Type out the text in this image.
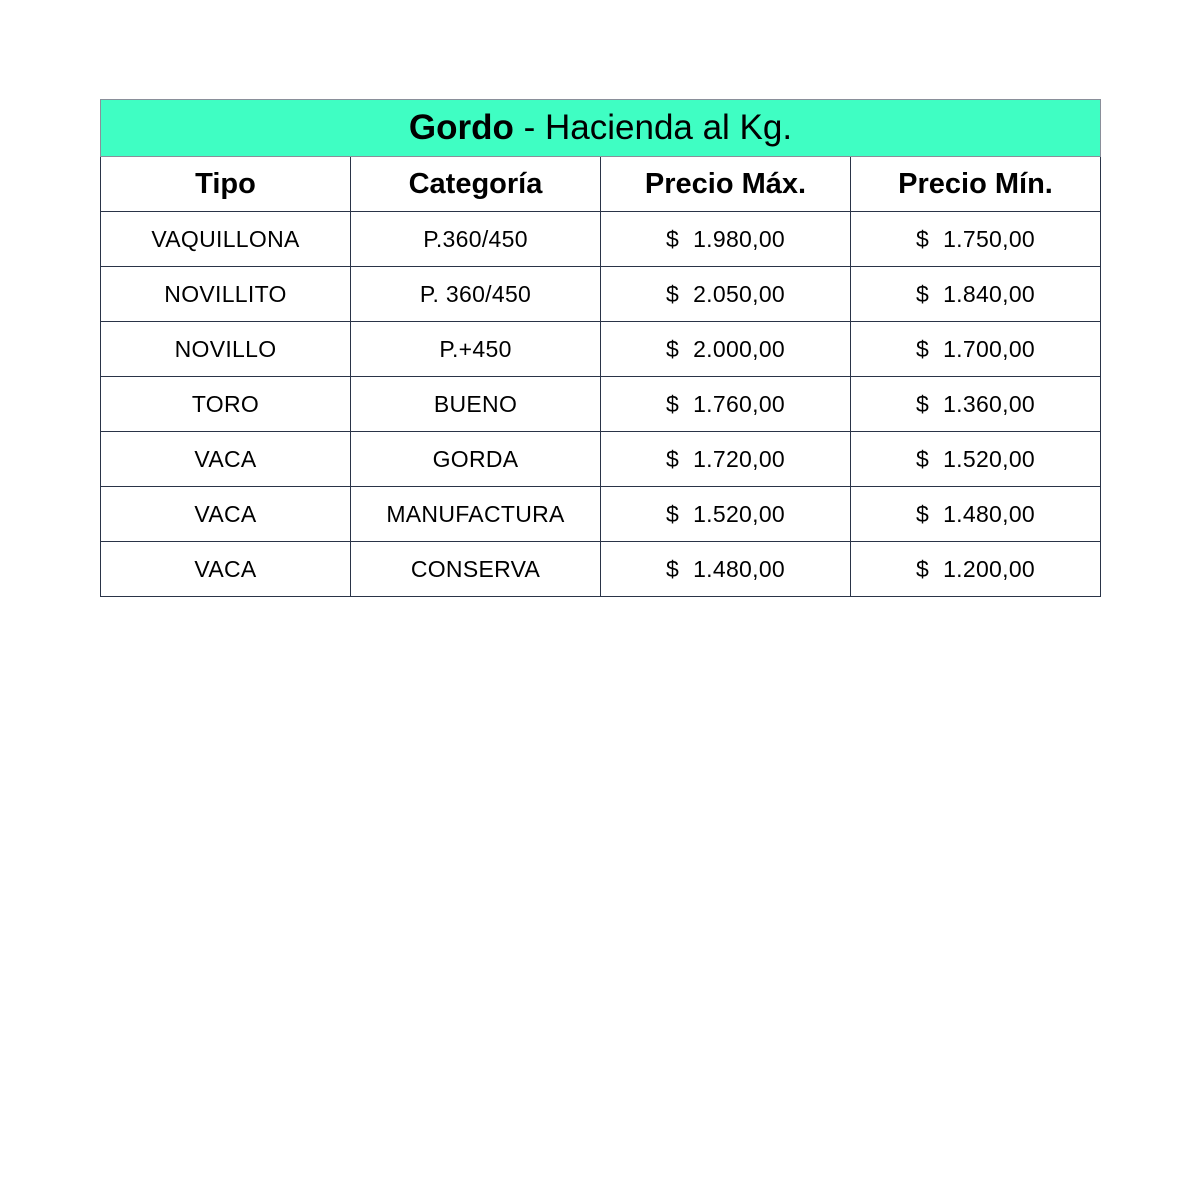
Gordo - Hacienda al Kg.			
Tipo	Categoría	Precio Máx.	Precio Mín.
VAQUILLONA	P.360/450	$ 1.980,00	$ 1.750,00
NOVILLITO	P. 360/450	$ 2.050,00	$ 1.840,00
NOVILLO	P.+450	$ 2.000,00	$ 1.700,00
TORO	BUENO	$ 1.760,00	$ 1.360,00
VACA	GORDA	$ 1.720,00	$ 1.520,00
VACA	MANUFACTURA	$ 1.520,00	$ 1.480,00
VACA	CONSERVA	$ 1.480,00	$ 1.200,00
